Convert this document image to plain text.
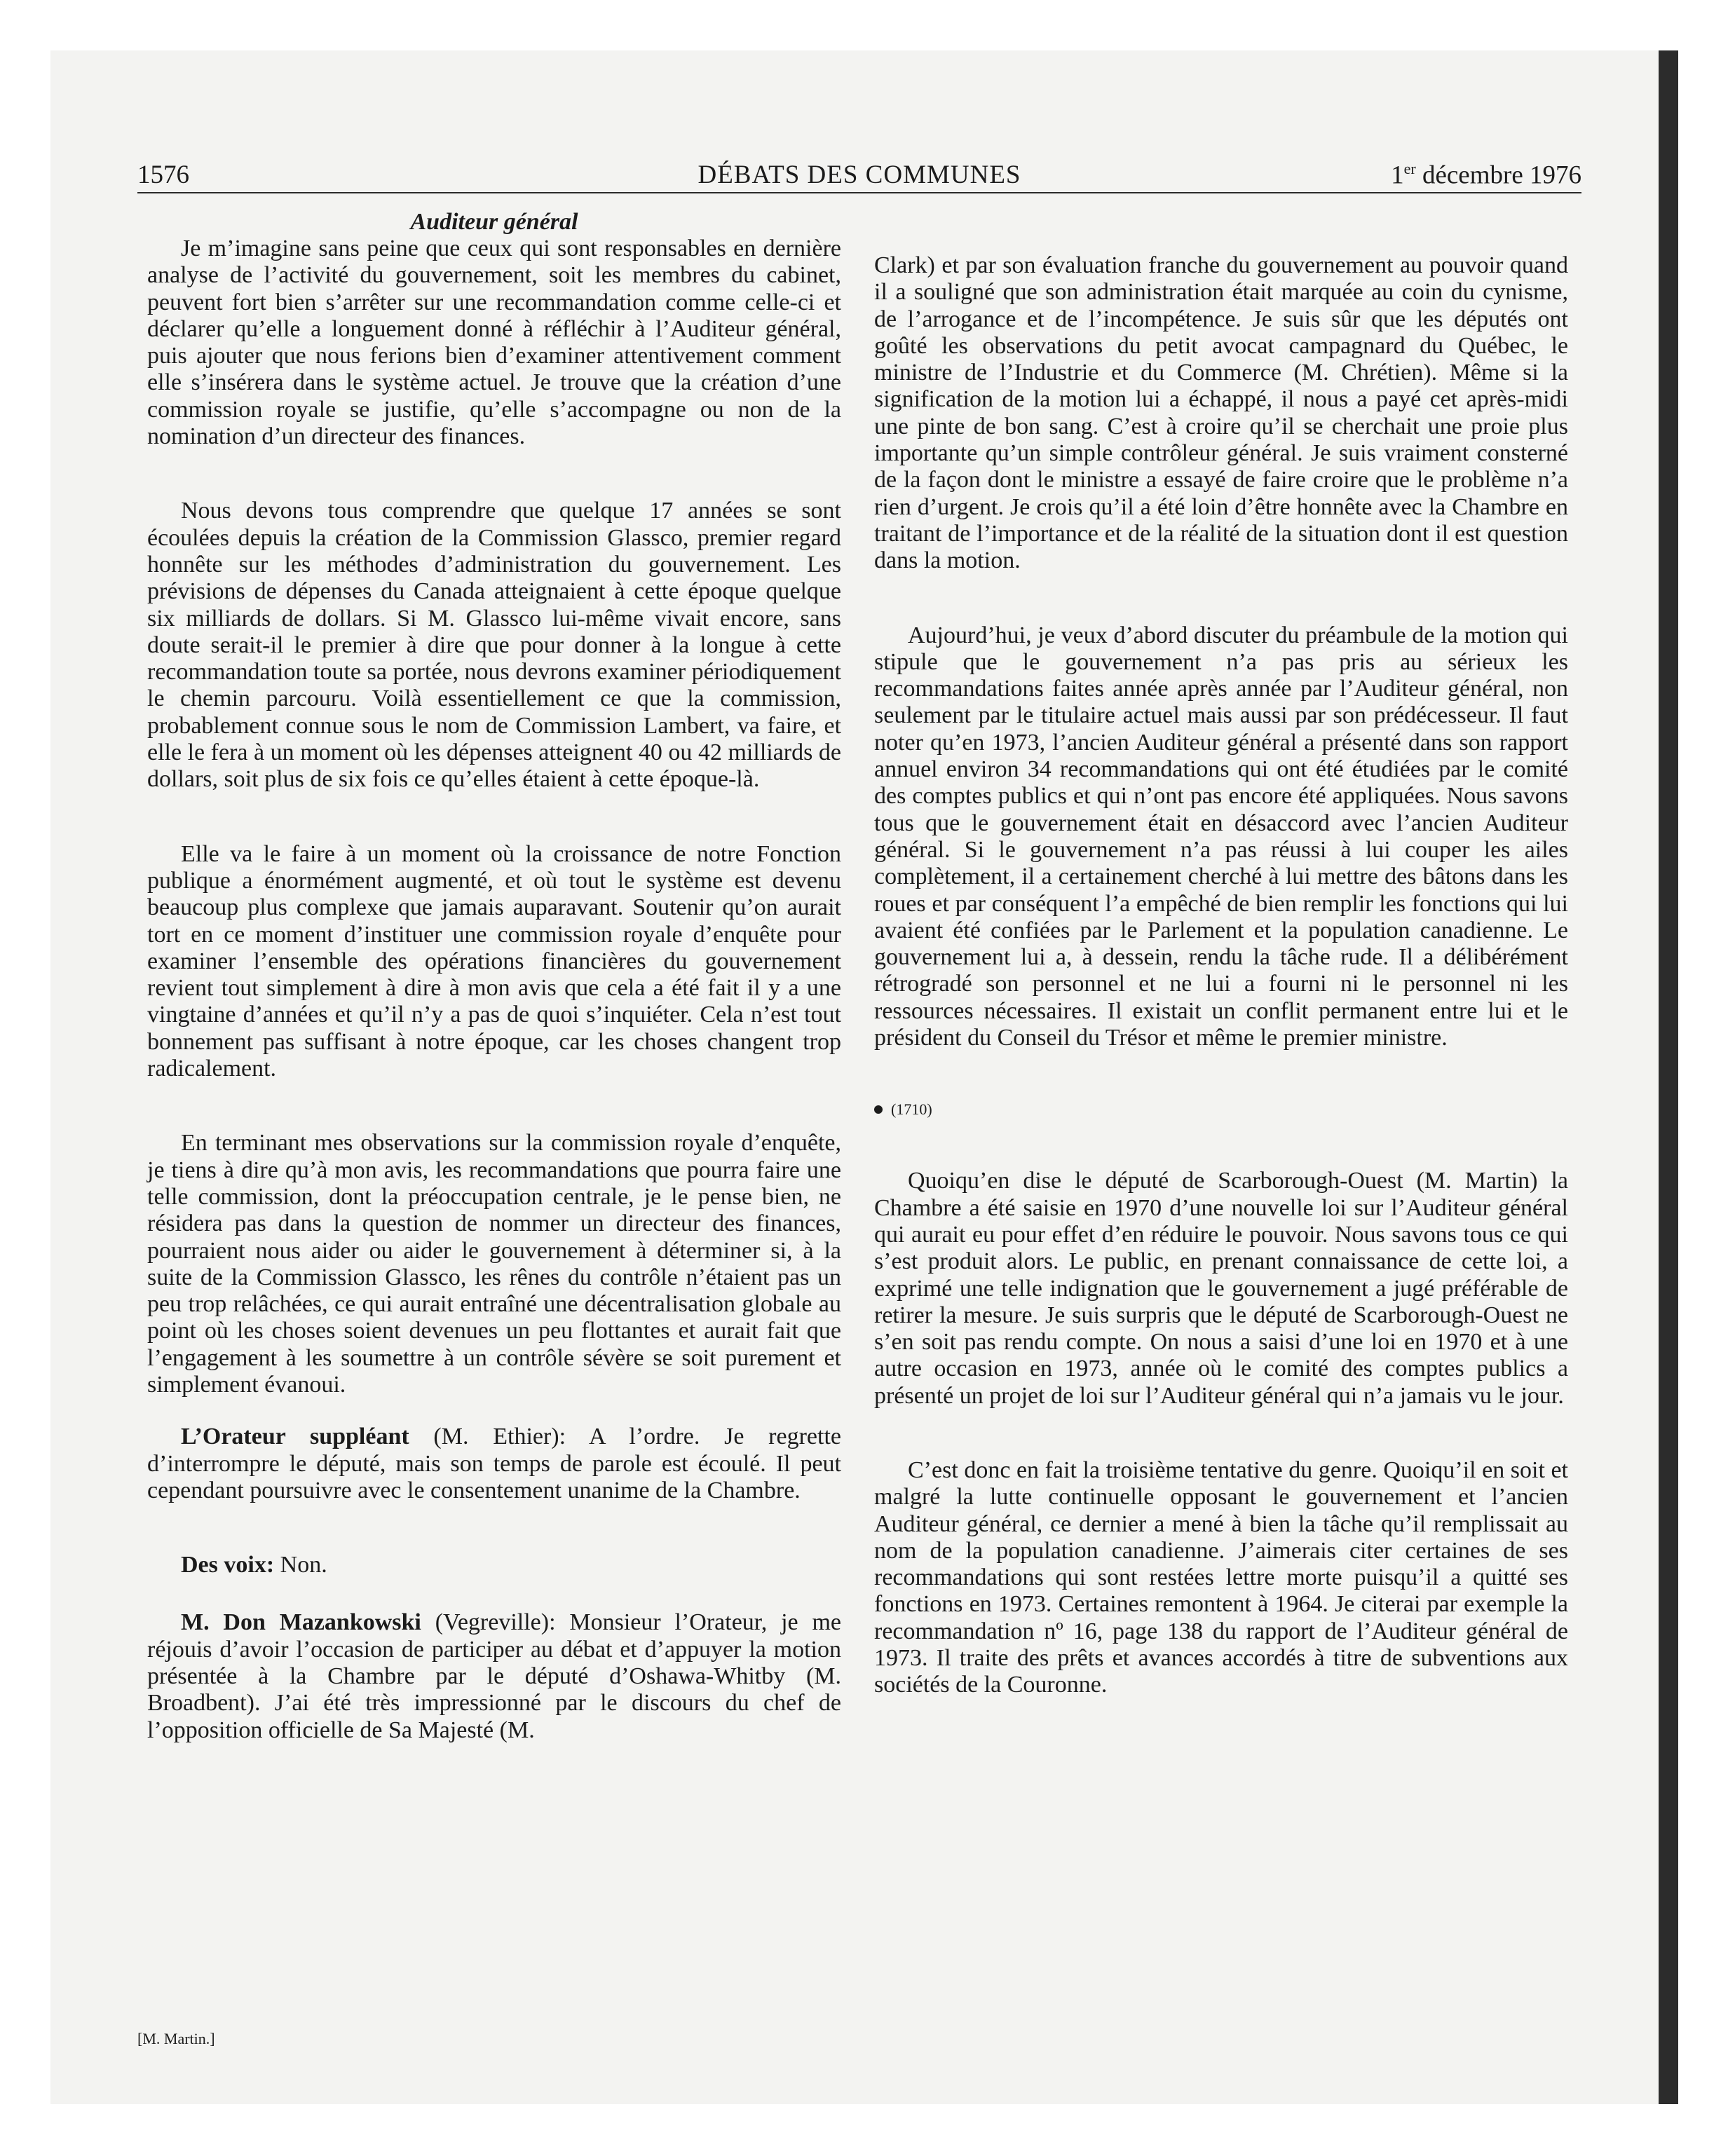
1576	DÉBATS DES COMMUNES	1er décembre 1976
Auditeur général

Je m’imagine sans peine que ceux qui sont responsables en dernière analyse de l’activité du gouvernement, soit les membres du cabinet, peuvent fort bien s’arrêter sur une recommandation comme celle-ci et déclarer qu’elle a longuement donné à réfléchir à l’Auditeur général, puis ajouter que nous ferions bien d’examiner attentivement comment elle s’insérera dans le système actuel. Je trouve que la création d’une commission royale se justifie, qu’elle s’accompagne ou non de la nomination d’un directeur des finances.

Nous devons tous comprendre que quelque 17 années se sont écoulées depuis la création de la Commission Glassco, premier regard honnête sur les méthodes d’administration du gouvernement. Les prévisions de dépenses du Canada atteignaient à cette époque quelque six milliards de dollars. Si M. Glassco lui-même vivait encore, sans doute serait-il le premier à dire que pour donner à la longue à cette recommandation toute sa portée, nous devrons examiner périodiquement le chemin parcouru. Voilà essentiellement ce que la commission, probablement connue sous le nom de Commission Lambert, va faire, et elle le fera à un moment où les dépenses atteignent 40 ou 42 milliards de dollars, soit plus de six fois ce qu’elles étaient à cette époque-là.

Elle va le faire à un moment où la croissance de notre Fonction publique a énormément augmenté, et où tout le système est devenu beaucoup plus complexe que jamais auparavant. Soutenir qu’on aurait tort en ce moment d’instituer une commission royale d’enquête pour examiner l’ensemble des opérations financières du gouvernement revient tout simplement à dire à mon avis que cela a été fait il y a une vingtaine d’années et qu’il n’y a pas de quoi s’inquiéter. Cela n’est tout bonnement pas suffisant à notre époque, car les choses changent trop radicalement.

En terminant mes observations sur la commission royale d’enquête, je tiens à dire qu’à mon avis, les recommandations que pourra faire une telle commission, dont la préoccupation centrale, je le pense bien, ne résidera pas dans la question de nommer un directeur des finances, pourraient nous aider ou aider le gouvernement à déterminer si, à la suite de la Commission Glassco, les rênes du contrôle n’étaient pas un peu trop relâchées, ce qui aurait entraîné une décentralisation globale au point où les choses soient devenues un peu flottantes et aurait fait que l’engagement à les soumettre à un contrôle sévère se soit purement et simplement évanoui.

L’Orateur suppléant (M. Ethier): A l’ordre. Je regrette d’interrompre le député, mais son temps de parole est écoulé. Il peut cependant poursuivre avec le consentement unanime de la Chambre.

Des voix: Non.

M. Don Mazankowski (Vegreville): Monsieur l’Orateur, je me réjouis d’avoir l’occasion de participer au débat et d’appuyer la motion présentée à la Chambre par le député d’Oshawa-Whitby (M. Broadbent). J’ai été très impressionné par le discours du chef de l’opposition officielle de Sa Majesté (M.

Clark) et par son évaluation franche du gouvernement au pouvoir quand il a souligné que son administration était marquée au coin du cynisme, de l’arrogance et de l’incompétence. Je suis sûr que les députés ont goûté les observations du petit avocat campagnard du Québec, le ministre de l’Industrie et du Commerce (M. Chrétien). Même si la signification de la motion lui a échappé, il nous a payé cet après-midi une pinte de bon sang. C’est à croire qu’il se cherchait une proie plus importante qu’un simple contrôleur général. Je suis vraiment consterné de la façon dont le ministre a essayé de faire croire que le problème n’a rien d’urgent. Je crois qu’il a été loin d’être honnête avec la Chambre en traitant de l’importance et de la réalité de la situation dont il est question dans la motion.

Aujourd’hui, je veux d’abord discuter du préambule de la motion qui stipule que le gouvernement n’a pas pris au sérieux les recommandations faites année après année par l’Auditeur général, non seulement par le titulaire actuel mais aussi par son prédécesseur. Il faut noter qu’en 1973, l’ancien Auditeur général a présenté dans son rapport annuel environ 34 recommandations qui ont été étudiées par le comité des comptes publics et qui n’ont pas encore été appliquées. Nous savons tous que le gouvernement était en désaccord avec l’ancien Auditeur général. Si le gouvernement n’a pas réussi à lui couper les ailes complètement, il a certainement cherché à lui mettre des bâtons dans les roues et par conséquent l’a empêché de bien remplir les fonctions qui lui avaient été confiées par le Parlement et la population canadienne. Le gouvernement lui a, à dessein, rendu la tâche rude. Il a délibérément rétrogradé son personnel et ne lui a fourni ni le personnel ni les ressources nécessaires. Il existait un conflit permanent entre lui et le président du Conseil du Trésor et même le premier ministre.

(1710)

Quoiqu’en dise le député de Scarborough-Ouest (M. Martin) la Chambre a été saisie en 1970 d’une nouvelle loi sur l’Auditeur général qui aurait eu pour effet d’en réduire le pouvoir. Nous savons tous ce qui s’est produit alors. Le public, en prenant connaissance de cette loi, a exprimé une telle indignation que le gouvernement a jugé préférable de retirer la mesure. Je suis surpris que le député de Scarborough-Ouest ne s’en soit pas rendu compte. On nous a saisi d’une loi en 1970 et à une autre occasion en 1973, année où le comité des comptes publics a présenté un projet de loi sur l’Auditeur général qui n’a jamais vu le jour.

C’est donc en fait la troisième tentative du genre. Quoiqu’il en soit et malgré la lutte continuelle opposant le gouvernement et l’ancien Auditeur général, ce dernier a mené à bien la tâche qu’il remplissait au nom de la population canadienne. J’aimerais citer certaines de ses recommandations qui sont restées lettre morte puisqu’il a quitté ses fonctions en 1973. Certaines remontent à 1964. Je citerai par exemple la recommandation nº 16, page 138 du rapport de l’Auditeur général de 1973. Il traite des prêts et avances accordés à titre de subventions aux sociétés de la Couronne.

[M. Martin.]
